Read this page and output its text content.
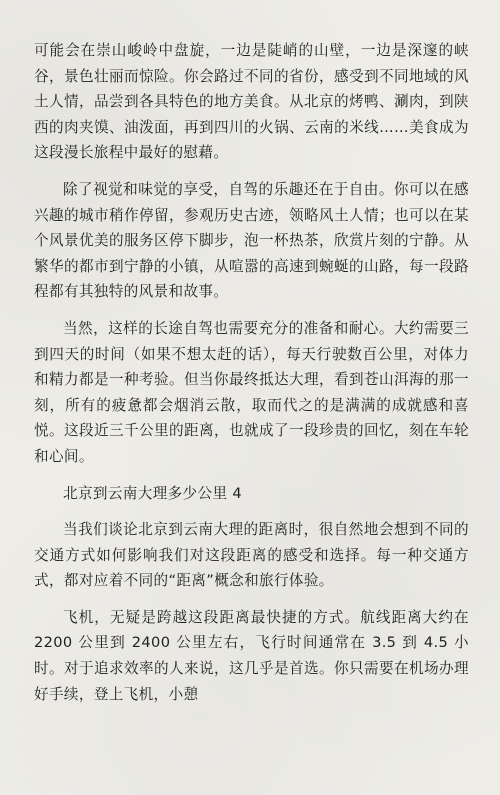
可能会在崇山峻岭中盘旋，一边是陡峭的山壁，一边是深邃的峡谷，景色壮丽而惊险。你会路过不同的省份，感受到不同地域的风土人情，品尝到各具特色的地方美食。从北京的烤鸭、涮肉，到陕西的肉夹馍、油泼面，再到四川的火锅、云南的米线……美食成为这段漫长旅程中最好的慰藉。

除了视觉和味觉的享受，自驾的乐趣还在于自由。你可以在感兴趣的城市稍作停留，参观历史古迹，领略风土人情；也可以在某个风景优美的服务区停下脚步，泡一杯热茶，欣赏片刻的宁静。从繁华的都市到宁静的小镇，从喧嚣的高速到蜿蜒的山路，每一段路程都有其独特的风景和故事。

当然，这样的长途自驾也需要充分的准备和耐心。大约需要三到四天的时间（如果不想太赶的话），每天行驶数百公里，对体力和精力都是一种考验。但当你最终抵达大理，看到苍山洱海的那一刻，所有的疲惫都会烟消云散，取而代之的是满满的成就感和喜悦。这段近三千公里的距离，也就成了一段珍贵的回忆，刻在车轮和心间。

北京到云南大理多少公里 4

当我们谈论北京到云南大理的距离时，很自然地会想到不同的交通方式如何影响我们对这段距离的感受和选择。每一种交通方式，都对应着不同的“距离”概念和旅行体验。

飞机，无疑是跨越这段距离最快捷的方式。航线距离大约在 2200 公里到 2400 公里左右，飞行时间通常在 3.5 到 4.5 小时。对于追求效率的人来说，这几乎是首选。你只需要在机场办理好手续，登上飞机，小憩
